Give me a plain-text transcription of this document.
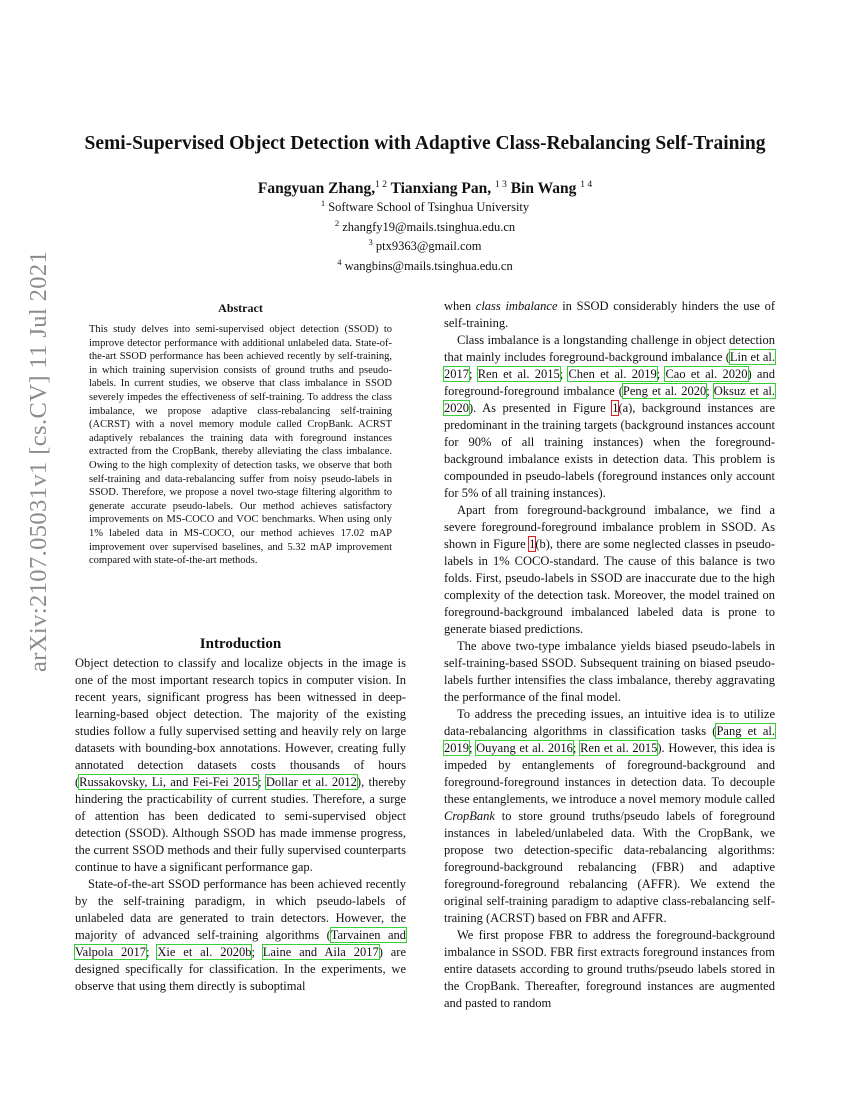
arXiv:2107.05031v1 [cs.CV] 11 Jul 2021
Semi-Supervised Object Detection with Adaptive Class-Rebalancing Self-Training
Fangyuan Zhang,$^{1 2}$ Tianxiang Pan, $^{1 3}$ Bin Wang $^{1 4}$
$^1$ Software School of Tsinghua University
$^2$ zhangfy19@mails.tsinghua.edu.cn
$^3$ ptx9363@gmail.com
$^4$ wangbins@mails.tsinghua.edu.cn
Abstract

This study delves into semi-supervised object detection (SSOD) to improve detector performance with additional unlabeled data. State-of-the-art SSOD performance has been achieved recently by self-training, in which training supervision consists of ground truths and pseudo-labels. In current studies, we observe that class imbalance in SSOD severely impedes the effectiveness of self-training. To address the class imbalance, we propose adaptive class-rebalancing self-training (ACRST) with a novel memory module called CropBank. ACRST adaptively rebalances the training data with foreground instances extracted from the CropBank, thereby alleviating the class imbalance. Owing to the high complexity of detection tasks, we observe that both self-training and data-rebalancing suffer from noisy pseudo-labels in SSOD. Therefore, we propose a novel two-stage filtering algorithm to generate accurate pseudo-labels. Our method achieves satisfactory improvements on MS-COCO and VOC benchmarks. When using only 1% labeled data in MS-COCO, our method achieves 17.02 mAP improvement over supervised baselines, and 5.32 mAP improvement compared with state-of-the-art methods.

Introduction

Object detection to classify and localize objects in the image is one of the most important research topics in computer vision. In recent years, significant progress has been witnessed in deep-learning-based object detection. The majority of the existing studies follow a fully supervised setting and heavily rely on large datasets with bounding-box annotations. However, creating fully annotated detection datasets costs thousands of hours (Russakovsky, Li, and Fei-Fei 2015; Dollar et al. 2012), thereby hindering the practicability of current studies. Therefore, a surge of attention has been dedicated to semi-supervised object detection (SSOD). Although SSOD has made immense progress, the current SSOD methods and their fully supervised counterparts continue to have a significant performance gap.

State-of-the-art SSOD performance has been achieved recently by the self-training paradigm, in which pseudo-labels of unlabeled data are generated to train detectors. However, the majority of advanced self-training algorithms (Tarvainen and Valpola 2017; Xie et al. 2020b; Laine and Aila 2017) are designed specifically for classification. In the experiments, we observe that using them directly is suboptimal

when class imbalance in SSOD considerably hinders the use of self-training.

Class imbalance is a longstanding challenge in object detection that mainly includes foreground-background imbalance (Lin et al. 2017; Ren et al. 2015; Chen et al. 2019; Cao et al. 2020) and foreground-foreground imbalance (Peng et al. 2020; Oksuz et al. 2020). As presented in Figure 1(a), background instances are predominant in the training targets (background instances account for 90% of all training instances) when the foreground-background imbalance exists in detection data. This problem is compounded in pseudo-labels (foreground instances only account for 5% of all training instances).

Apart from foreground-background imbalance, we find a severe foreground-foreground imbalance problem in SSOD. As shown in Figure 1(b), there are some neglected classes in pseudo-labels in 1% COCO-standard. The cause of this balance is two folds. First, pseudo-labels in SSOD are inaccurate due to the high complexity of the detection task. Moreover, the model trained on foreground-background imbalanced labeled data is prone to generate biased predictions.

The above two-type imbalance yields biased pseudo-labels in self-training-based SSOD. Subsequent training on biased pseudo-labels further intensifies the class imbalance, thereby aggravating the performance of the final model.

To address the preceding issues, an intuitive idea is to utilize data-rebalancing algorithms in classification tasks (Pang et al. 2019; Ouyang et al. 2016; Ren et al. 2015). However, this idea is impeded by entanglements of foreground-background and foreground-foreground instances in detection data. To decouple these entanglements, we introduce a novel memory module called CropBank to store ground truths/pseudo labels of foreground instances in labeled/unlabeled data. With the CropBank, we propose two detection-specific data-rebalancing algorithms: foreground-background rebalancing (FBR) and adaptive foreground-foreground rebalancing (AFFR). We extend the original self-training paradigm to adaptive class-rebalancing self-training (ACRST) based on FBR and AFFR.

We first propose FBR to address the foreground-background imbalance in SSOD. FBR first extracts foreground instances from entire datasets according to ground truths/pseudo labels stored in the CropBank. Thereafter, foreground instances are augmented and pasted to random
